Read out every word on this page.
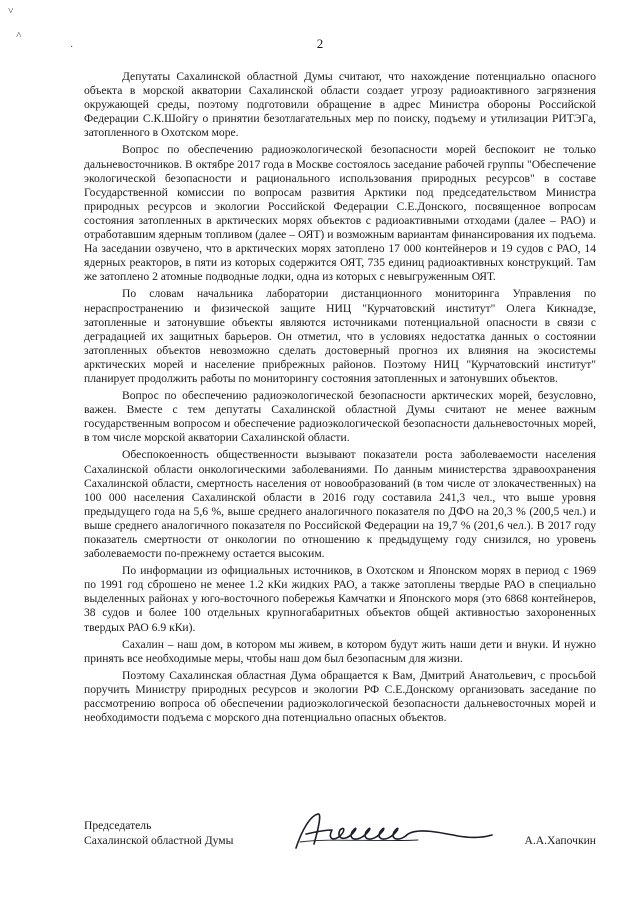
˅
˄
·	2

Депутаты Сахалинской областной Думы считают, что нахождение потенциально опасного объекта в морской акватории Сахалинской области создает угрозу радиоактивного загрязнения окружающей среды, поэтому подготовили обращение в адрес Министра обороны Российской Федерации С.К.Шойгу о принятии безотлагательных мер по поиску, подъему и утилизации РИТЭГа, затопленного в Охотском море.

Вопрос по обеспечению радиоэкологической безопасности морей беспокоит не только дальневосточников. В октябре 2017 года в Москве состоялось заседание рабочей группы "Обеспечение экологической безопасности и рационального использования природных ресурсов" в составе Государственной комиссии по вопросам развития Арктики под председательством Министра природных ресурсов и экологии Российской Федерации С.Е.Донского, посвященное вопросам состояния затопленных в арктических морях объектов с радиоактивными отходами (далее – РАО) и отработавшим ядерным топливом (далее – ОЯТ) и возможным вариантам финансирования их подъема. На заседании озвучено, что в арктических морях затоплено 17 000 контейнеров и 19 судов с РАО, 14 ядерных реакторов, в пяти из которых содержится ОЯТ, 735 единиц радиоактивных конструкций. Там же затоплено 2 атомные подводные лодки, одна из которых с невыгруженным ОЯТ.

По словам начальника лаборатории дистанционного мониторинга Управления по нераспространению и физической защите НИЦ "Курчатовский институт" Олега Кикнадзе, затопленные и затонувшие объекты являются источниками потенциальной опасности в связи с деградацией их защитных барьеров. Он отметил, что в условиях недостатка данных о состоянии затопленных объектов невозможно сделать достоверный прогноз их влияния на экосистемы арктических морей и население прибрежных районов. Поэтому НИЦ "Курчатовский институт" планирует продолжить работы по мониторингу состояния затопленных и затонувших объектов.

Вопрос по обеспечению радиоэкологической безопасности арктических морей, безусловно, важен. Вместе с тем депутаты Сахалинской областной Думы считают не менее важным государственным вопросом и обеспечение радиоэкологической безопасности дальневосточных морей, в том числе морской акватории Сахалинской области.

Обеспокоенность общественности вызывают показатели роста заболеваемости населения Сахалинской области онкологическими заболеваниями. По данным министерства здравоохранения Сахалинской области, смертность населения от новообразований (в том числе от злокачественных) на 100 000 населения Сахалинской области в 2016 году составила 241,3 чел., что выше уровня предыдущего года на 5,6 %, выше среднего аналогичного показателя по ДФО на 20,3 % (200,5 чел.) и выше среднего аналогичного показателя по Российской Федерации на 19,7 % (201,6 чел.). В 2017 году показатель смертности от онкологии по отношению к предыдущему году снизился, но уровень заболеваемости по-прежнему остается высоким.

По информации из официальных источников, в Охотском и Японском морях в период с 1969 по 1991 год сброшено не менее 1.2 кКи жидких РАО, а также затоплены твердые РАО в специально выделенных районах у юго-восточного побережья Камчатки и Японского моря (это 6868 контейнеров, 38 судов и более 100 отдельных крупногабаритных объектов общей активностью захороненных твердых РАО 6.9 кКи).

Сахалин – наш дом, в котором мы живем, в котором будут жить наши дети и внуки. И нужно принять все необходимые меры, чтобы наш дом был безопасным для жизни.

Поэтому Сахалинская областная Дума обращается к Вам, Дмитрий Анатольевич, с просьбой поручить Министру природных ресурсов и экологии РФ С.Е.Донскому организовать заседание по рассмотрению вопроса об обеспечении радиоэкологической безопасности дальневосточных морей и необходимости подъема с морского дна потенциально опасных объектов.

Председатель
Сахалинской областной Думы	А.А.Хапочкин
